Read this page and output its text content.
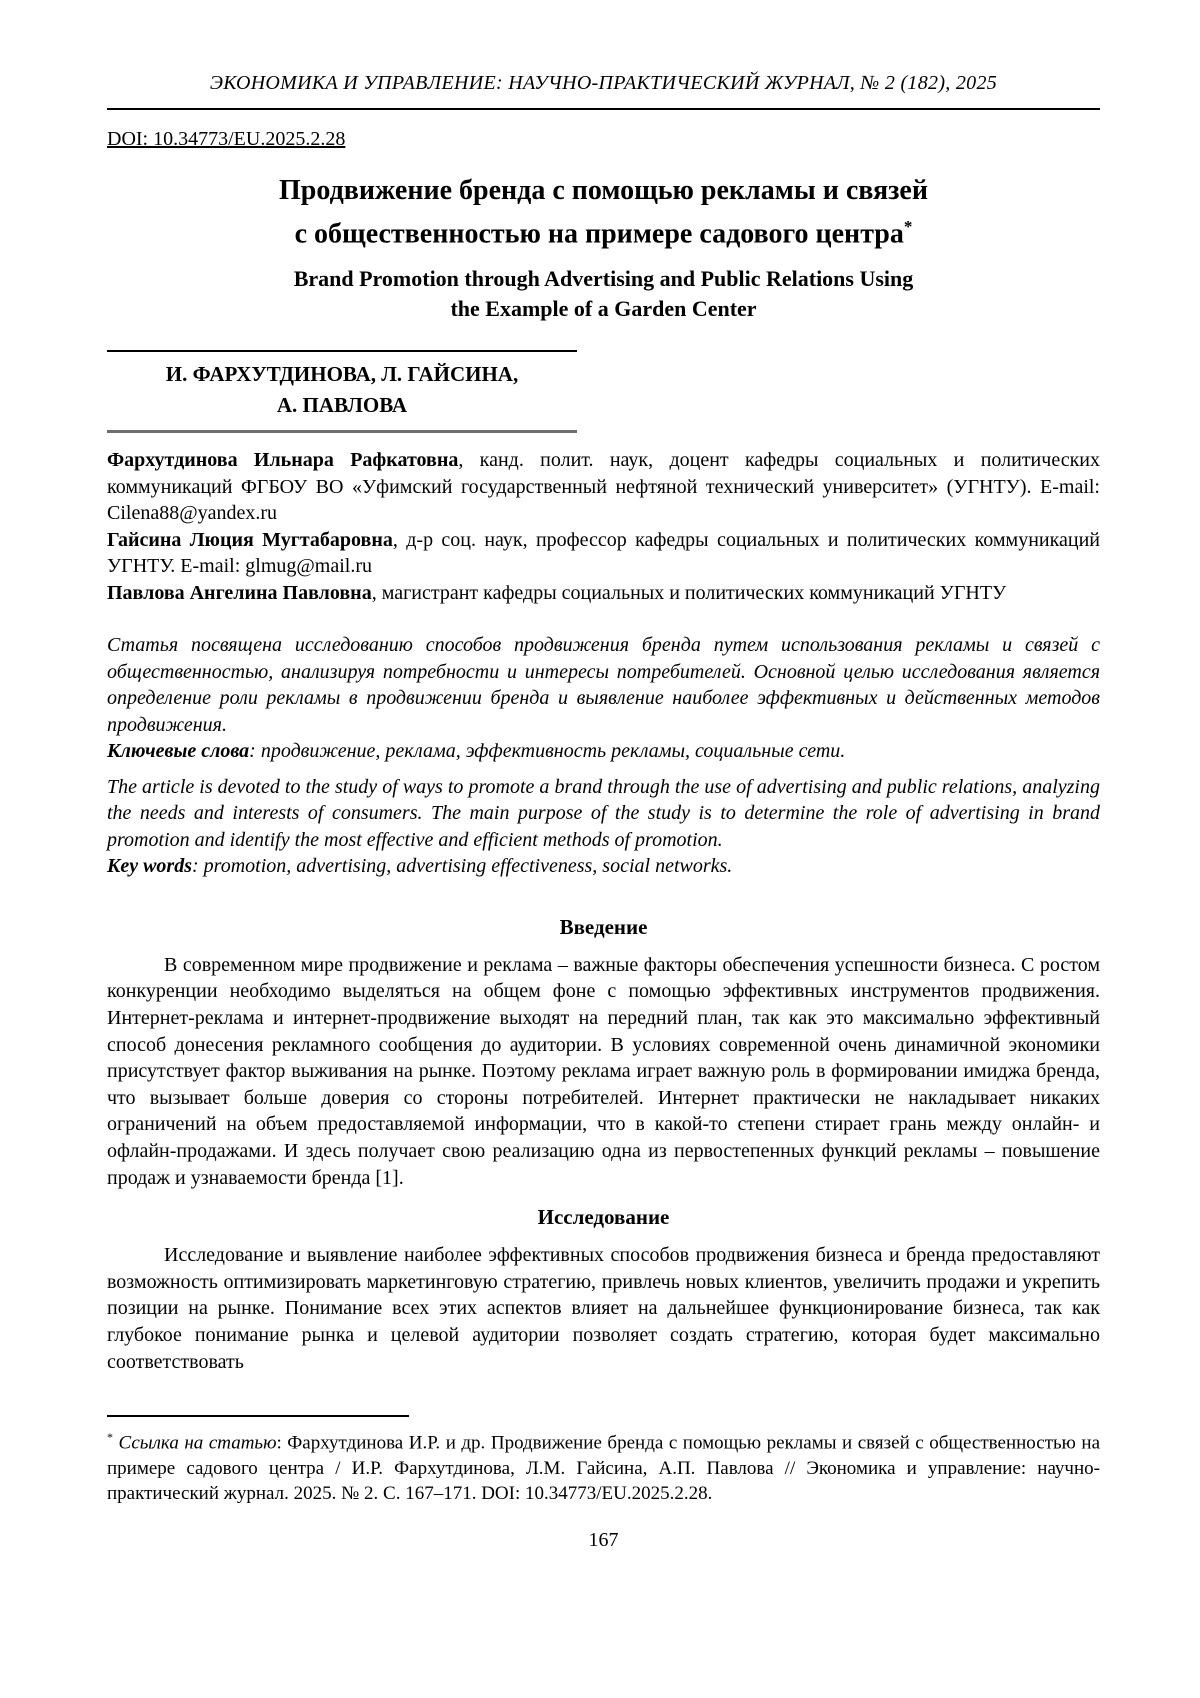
ЭКОНОМИКА И УПРАВЛЕНИЕ: НАУЧНО-ПРАКТИЧЕСКИЙ ЖУРНАЛ, № 2 (182), 2025
DOI: 10.34773/EU.2025.2.28
Продвижение бренда с помощью рекламы и связей
с общественностью на примере садового центра*
Brand Promotion through Advertising and Public Relations Using
the Example of a Garden Center
И. ФАРХУТДИНОВА, Л. ГАЙСИНА,
А. ПАВЛОВА

Фархутдинова Ильнара Рафкатовна, канд. полит. наук, доцент кафедры социальных и политических коммуникаций ФГБОУ ВО «Уфимский государственный нефтяной технический университет» (УГНТУ). E-mail: Cilena88@yandex.ru

Гайсина Люция Мугтабаровна, д-р соц. наук, профессор кафедры социальных и политических коммуникаций УГНТУ. E-mail: glmug@mail.ru

Павлова Ангелина Павловна, магистрант кафедры социальных и политических коммуникаций УГНТУ

Статья посвящена исследованию способов продвижения бренда путем использования рекламы и связей с общественностью, анализируя потребности и интересы потребителей. Основной целью исследования является определение роли рекламы в продвижении бренда и выявление наиболее эффективных и действенных методов продвижения.

Ключевые слова: продвижение, реклама, эффективность рекламы, социальные сети.

The article is devoted to the study of ways to promote a brand through the use of advertising and public relations, analyzing the needs and interests of consumers. The main purpose of the study is to determine the role of advertising in brand promotion and identify the most effective and efficient methods of promotion.

Key words: promotion, advertising, advertising effectiveness, social networks.

Введение

В современном мире продвижение и реклама – важные факторы обеспечения успешности бизнеса. С ростом конкуренции необходимо выделяться на общем фоне с помощью эффективных инструментов продвижения. Интернет-реклама и интернет-продвижение выходят на передний план, так как это максимально эффективный способ донесения рекламного сообщения до аудитории. В условиях современной очень динамичной экономики присутствует фактор выживания на рынке. Поэтому реклама играет важную роль в формировании имиджа бренда, что вызывает больше доверия со стороны потребителей. Интернет практически не накладывает никаких ограничений на объем предоставляемой информации, что в какой-то степени стирает грань между онлайн- и офлайн-продажами. И здесь получает свою реализацию одна из первостепенных функций рекламы – повышение продаж и узнаваемости бренда [1].

Исследование

Исследование и выявление наиболее эффективных способов продвижения бизнеса и бренда предоставляют возможность оптимизировать маркетинговую стратегию, привлечь новых клиентов, увеличить продажи и укрепить позиции на рынке. Понимание всех этих аспектов влияет на дальнейшее функционирование бизнеса, так как глубокое понимание рынка и целевой аудитории позволяет создать стратегию, которая будет максимально соответствовать

* Ссылка на статью: Фархутдинова И.Р. и др. Продвижение бренда с помощью рекламы и связей с общественностью на примере садового центра / И.Р. Фархутдинова, Л.М. Гайсина, А.П. Павлова // Экономика и управление: научно-практический журнал. 2025. № 2. С. 167–171. DOI: 10.34773/EU.2025.2.28.

167
